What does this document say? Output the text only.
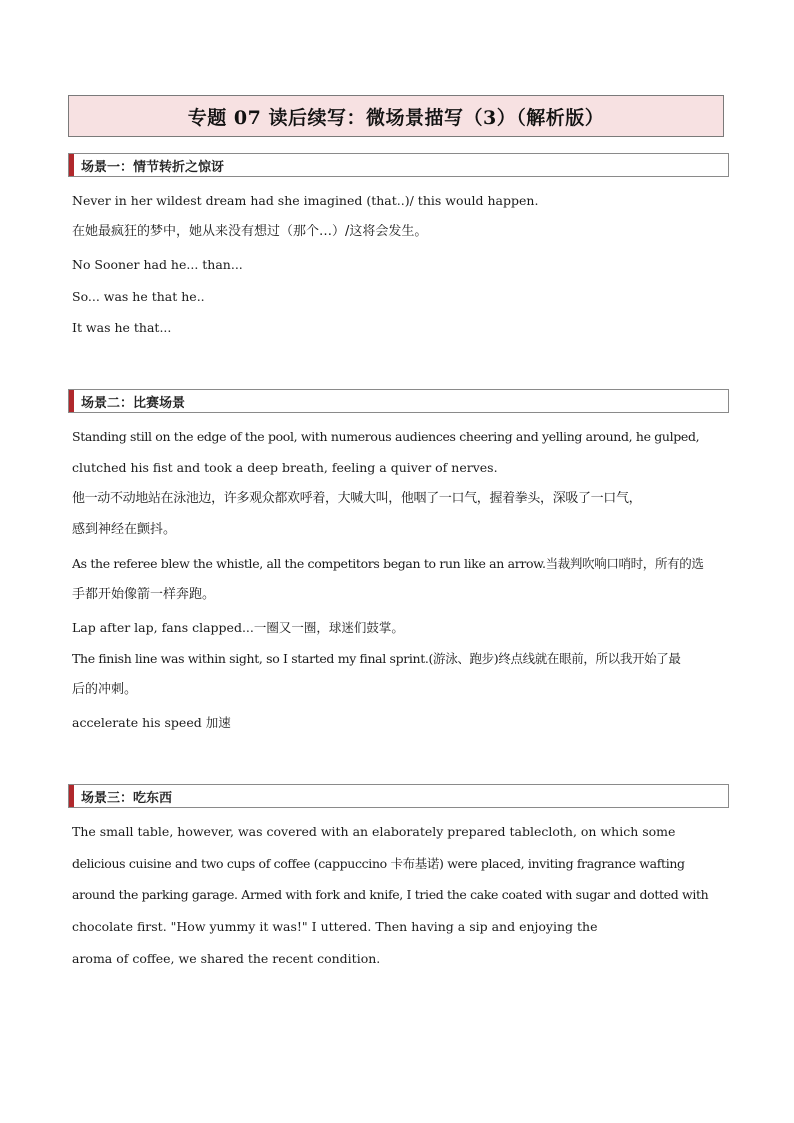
专题 07 读后续写：微场景描写（3）（解析版）
场景一：情节转折之惊讶
Never in her wildest dream had she imagined (that..)/ this would happen.
在她最疯狂的梦中，她从来没有想过（那个…）/这将会发生。
No Sooner had he... than...
So... was he that he..
It was he that...
场景二：比赛场景
Standing still on the edge of the pool, with numerous audiences cheering and yelling around, he gulped,
clutched his fist and took a deep breath, feeling a quiver of nerves.
他一动不动地站在泳池边，许多观众都欢呼着，大喊大叫，他咽了一口气，握着拳头，深吸了一口气，
感到神经在颤抖。
As the referee blew the whistle, all the competitors began to run like an arrow.当裁判吹响口哨时，所有的选
手都开始像箭一样奔跑。
Lap after lap, fans clapped...一圈又一圈，球迷们鼓掌。
The finish line was within sight, so I started my final sprint.(游泳、跑步)终点线就在眼前，所以我开始了最
后的冲刺。
accelerate his speed 加速
场景三：吃东西
The small table, however, was covered with an elaborately prepared tablecloth, on which some
delicious cuisine and two cups of coffee (cappuccino 卡布基诺) were placed, inviting fragrance wafting
around the parking garage. Armed with fork and knife, I tried the cake coated with sugar and dotted with
chocolate first. "How yummy it was!" I uttered. Then having a sip and enjoying the
aroma of coffee, we shared the recent condition.
